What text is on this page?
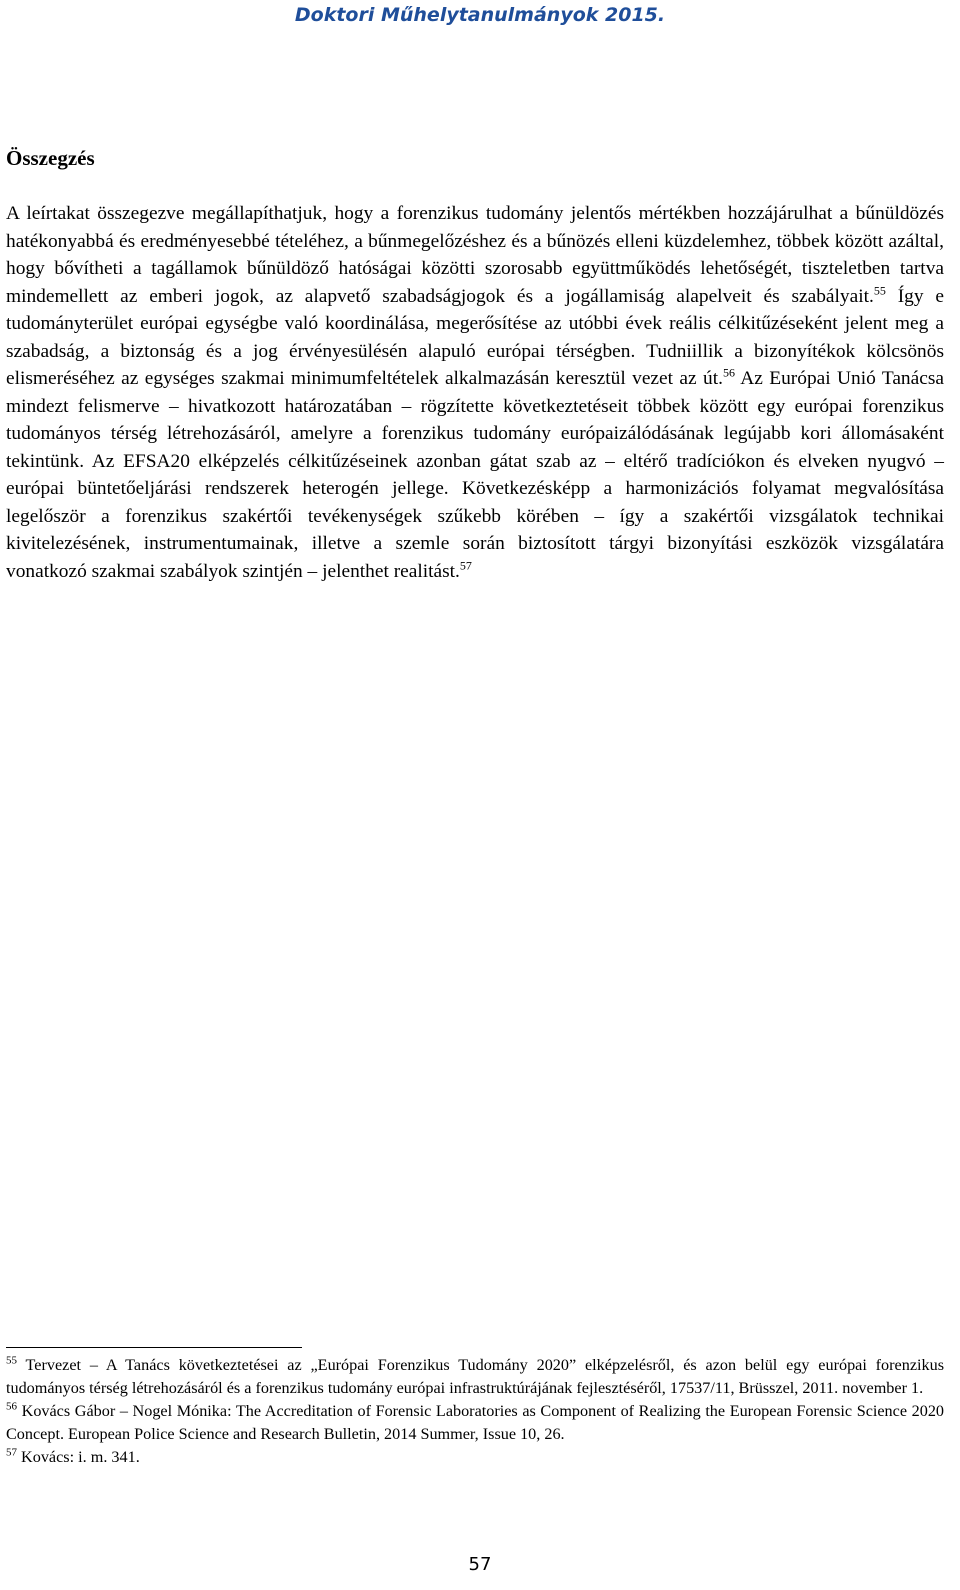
Doktori Műhelytanulmányok 2015.
Összegzés

A leírtakat összegezve megállapíthatjuk, hogy a forenzikus tudomány jelentős mértékben hozzájárulhat a bűnüldözés hatékonyabbá és eredményesebbé tételéhez, a bűnmegelőzéshez és a bűnözés elleni küzdelemhez, többek között azáltal, hogy bővítheti a tagállamok bűnüldöző hatóságai közötti szorosabb együttműködés lehetőségét, tiszteletben tartva mindemellett az emberi jogok, az alapvető szabadságjogok és a jogállamiság alapelveit és szabályait.$^{55}$ Így e tudományterület európai egységbe való koordinálása, megerősítése az utóbbi évek reális célkitűzéseként jelent meg a szabadság, a biztonság és a jog érvényesülésén alapuló európai térségben. Tudniillik a bizonyítékok kölcsönös elismeréséhez az egységes szakmai minimumfeltételek alkalmazásán keresztül vezet az út.$^{56}$ Az Európai Unió Tanácsa mindezt felismerve – hivatkozott határozatában – rögzítette következtetéseit többek között egy európai forenzikus tudományos térség létrehozásáról, amelyre a forenzikus tudomány európaizálódásának legújabb kori állomásaként tekintünk. Az EFSA20 elképzelés célkitűzéseinek azonban gátat szab az – eltérő tradíciókon és elveken nyugvó – európai büntetőeljárási rendszerek heterogén jellege. Következésképp a harmonizációs folyamat megvalósítása legelőször a forenzikus szakértői tevékenységek szűkebb körében – így a szakértői vizsgálatok technikai kivitelezésének, instrumentumainak, illetve a szemle során biztosított tárgyi bizonyítási eszközök vizsgálatára vonatkozó szakmai szabályok szintjén – jelenthet realitást.$^{57}$

$^{55}$ Tervezet – A Tanács következtetései az „Európai Forenzikus Tudomány 2020” elképzelésről, és azon belül egy európai forenzikus tudományos térség létrehozásáról és a forenzikus tudomány európai infrastruktúrájának fejlesztéséről, 17537/11, Brüsszel, 2011. november 1.

$^{56}$ Kovács Gábor – Nogel Mónika: The Accreditation of Forensic Laboratories as Component of Realizing the European Forensic Science 2020 Concept. European Police Science and Research Bulletin, 2014 Summer, Issue 10, 26.

$^{57}$ Kovács: i. m. 341.

57
